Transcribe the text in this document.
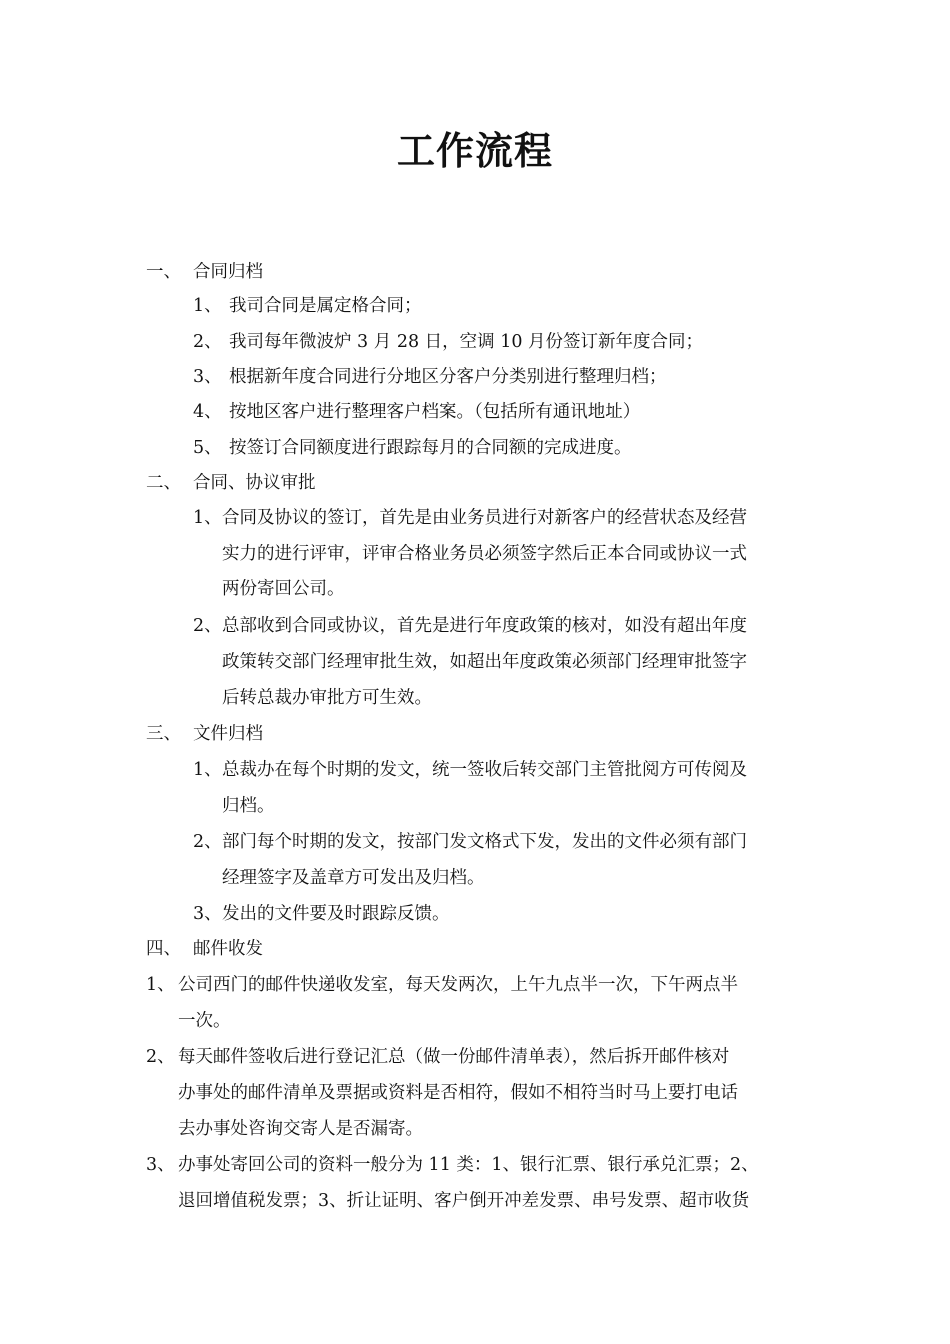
工作流程
一、 合同归档
1、 我司合同是属定格合同；
2、 我司每年微波炉 3 月 28 日，空调 10 月份签订新年度合同；
3、 根据新年度合同进行分地区分客户分类别进行整理归档；
4、 按地区客户进行整理客户档案。（包括所有通讯地址）
5、 按签订合同额度进行跟踪每月的合同额的完成进度。
二、 合同、协议审批
1、 合同及协议的签订，首先是由业务员进行对新客户的经营状态及经营
实力的进行评审，评审合格业务员必须签字然后正本合同或协议一式
两份寄回公司。
2、 总部收到合同或协议，首先是进行年度政策的核对，如没有超出年度
政策转交部门经理审批生效，如超出年度政策必须部门经理审批签字
后转总裁办审批方可生效。
三、 文件归档
1、 总裁办在每个时期的发文，统一签收后转交部门主管批阅方可传阅及
归档。
2、 部门每个时期的发文，按部门发文格式下发，发出的文件必须有部门
经理签字及盖章方可发出及归档。
3、 发出的文件要及时跟踪反馈。
四、 邮件收发
1、 公司西门的邮件快递收发室，每天发两次，上午九点半一次，下午两点半
一次。
2、 每天邮件签收后进行登记汇总（做一份邮件清单表），然后拆开邮件核对
办事处的邮件清单及票据或资料是否相符，假如不相符当时马上要打电话
去办事处咨询交寄人是否漏寄。
3、 办事处寄回公司的资料一般分为 11 类：1、银行汇票、银行承兑汇票；2、
退回增值税发票；3、折让证明、客户倒开冲差发票、串号发票、超市收货
